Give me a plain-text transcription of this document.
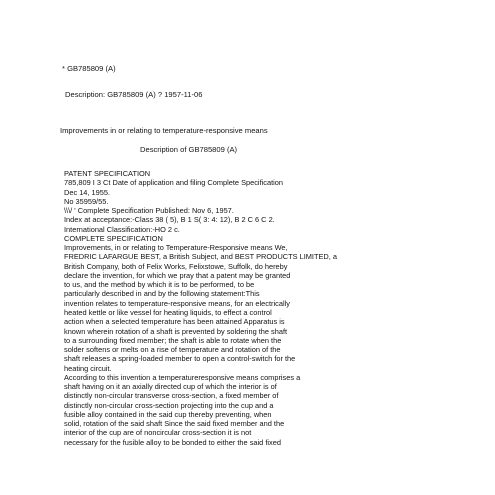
* GB785809 (A)
Description: GB785809 (A) ? 1957-11-06
Improvements in or relating to temperature-responsive means
Description of GB785809 (A)
PATENT SPECIFICATION
785,809 I 3 Ct Date of application and filing Complete Specification
Dec 14, 1955.
No 35959/55.
\\\/ ' Complete Specification Published: Nov 6, 1957.
Index at acceptance:-Class 38 ( 5), B 1 S( 3: 4: 12), B 2 C 6 C 2.
International Classification:-HO 2 c.
COMPLETE SPECIFICATION
Improvements, in or relating to Temperature-Responsive means We,
FREDRIC LAFARGUE BEST, a British Subject, and BEST PRODUCTS LIMITED, a
British Company, both of Felix Works, Felixstowe, Suffolk, do hereby
declare the invention, for which we pray that a patent may be granted
to us, and the method by which it is to be performed, to be
particularly described in and by the following statement:This
invention relates to temperature-responsive means, for an electrically
heated kettle or like vessel for heating liquids, to effect a control
action when a selected temperature has been attained Apparatus is
known wherein rotation of a shaft is prevented by soldering the shaft
to a surrounding fixed member; the shaft is able to rotate when the
solder softens or melts on a rise of temperature and rotation of the
shaft releases a spring-loaded member to open a control-switch for the
heating circuit.
According to this invention a temperatureresponsive means comprises a
shaft having on it an axially directed cup of which the interior is of
distinctly non-circular transverse cross-section, a fixed member of
distinctly non-circular cross-section projecting into the cup and a
fusible alloy contained in the said cup thereby preventing, when
solid, rotation of the said shaft Since the said fixed member and the
interior of the cup are of noncircular cross-section it is not
necessary for the fusible alloy to be bonded to either the said fixed
